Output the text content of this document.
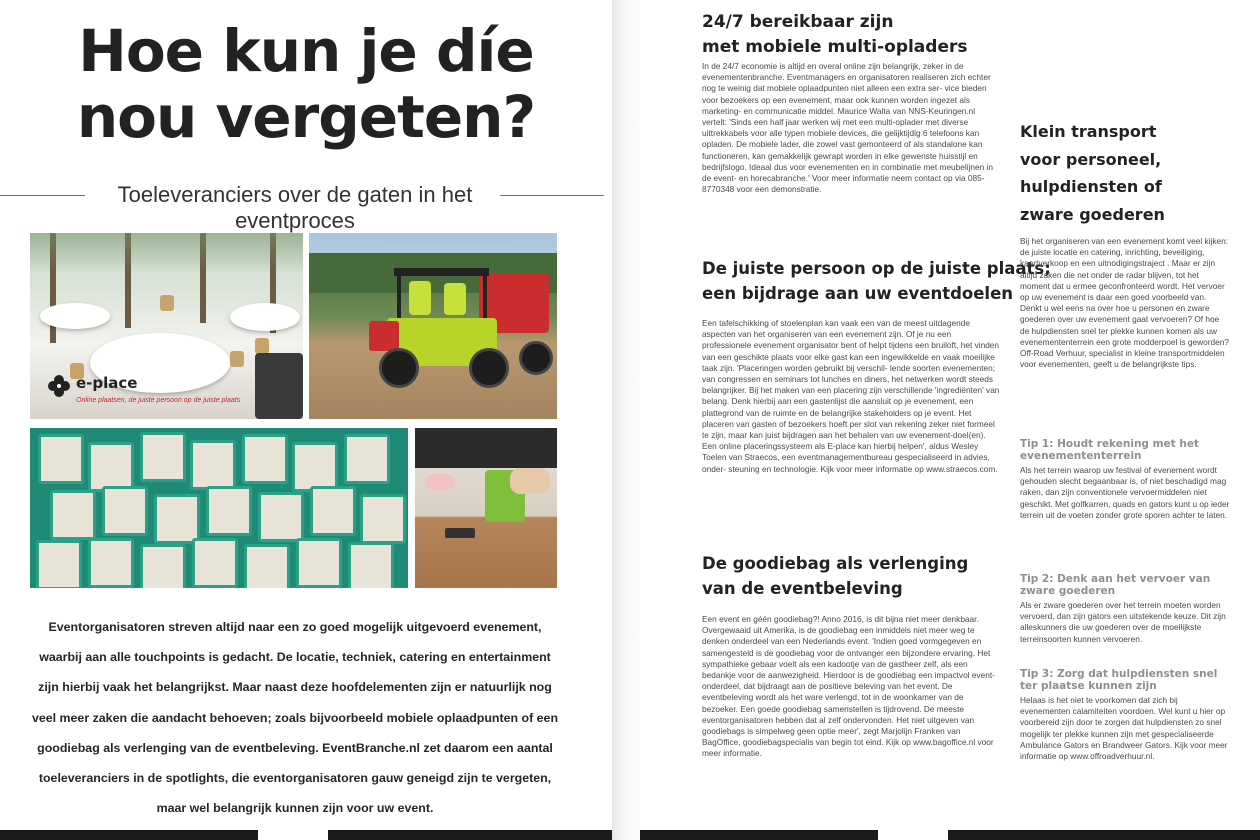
Hoe kun je díe
nou vergeten?
Toeleveranciers over de gaten in het eventproces
e-place
Online plaatsen, de juiste persoon op de juiste plaats

Eventorganisatoren streven altijd naar een zo goed mogelijk uitgevoerd evenement, waarbij aan alle touchpoints is gedacht. De locatie, techniek, catering en entertainment zijn hierbij vaak het belangrijkst. Maar naast deze hoofdelementen zijn er natuurlijk nog veel meer zaken die aandacht behoeven; zoals bijvoorbeeld mobiele oplaadpunten of een goodiebag als verlenging van de eventbeleving. EventBranche.nl zet daarom een aantal toeleveranciers in de spotlights, die eventorganisatoren gauw geneigd zijn te vergeten, maar wel belangrijk kunnen zijn voor uw event.

24/7 bereikbaar zijn
met mobiele multi-opladers

In de 24/7 economie is altijd en overal online zijn belangrijk, zeker in de evenementenbranche. Eventmanagers en organisatoren realiseren zich echter nog te weinig dat mobiele oplaadpunten niet alleen een extra ser- vice bieden voor bezoekers op een evenement, maar ook kunnen worden ingezet als marketing- en communicatie middel. Maurice Walta van NNS-Keuringen.nl vertelt: 'Sinds een half jaar werken wij met een multi-oplader met diverse uittrekkabels voor alle typen mobiele devices, die gelijktijdig 6 telefoons kan opladen. De mobiele lader, die zowel vast gemonteerd of als standalone kan functioneren, kan gemakkelijk gewrapt worden in elke gewenste huisstijl en bedrijfslogo. Ideaal dus voor evenementen en in combinatie met meubelijnen in de event- en horecabranche.' Voor meer informatie neem contact op via 085-8770348 voor een demonstratie.

De juiste persoon op de juiste plaats;
een bijdrage aan uw eventdoelen

Een tafelschikking of stoelenplan kan vaak een van de meest uitdagende aspecten van het organiseren van een evenement zijn. Of je nu een professionele evenement organisator bent of helpt tijdens een bruiloft, het vinden van een geschikte plaats voor elke gast kan een ingewikkelde en vaak moeilijke taak zijn. 'Placeringen worden gebruikt bij verschil- lende soorten evenementen; van congressen en seminars tot lunches en diners, het netwerken wordt steeds belangrijker. Bij het maken van een placering zijn verschillende 'ingrediënten' van belang. Denk hierbij aan een gastenlijst die aansluit op je evenement, een plattegrond van de ruimte en de belangrijke stakeholders op je event. Het placeren van gasten of bezoekers hoeft per slot van rekening zeker niet formeel te zijn, maar kan juist bijdragen aan het behalen van uw evenement-doel(en). Een online placeringssysteem als E-place kan hierbij helpen', aldus Wesley Toelen van Straecos, een eventmanagementbureau gespecialiseerd in advies, onder- steuning en technologie. Kijk voor meer informatie op www.straecos.com.

De goodiebag als verlenging
van de eventbeleving

Een event en géén goodiebag?! Anno 2016, is dit bijna niet meer denkbaar. Overgewaaid uit Amerika, is de goodiebag een inmiddels niet meer weg te denken onderdeel van een Nederlands event. 'Indien goed vormgegeven en samengesteld is de goodiebag voor de ontvanger een bijzondere ervaring. Het sympathieke gebaar voelt als een kadootje van de gastheer zelf, als een bedankje voor de aanwezigheid. Hierdoor is de goodiebag een impactvol event-onderdeel, dat bijdraagt aan de positieve beleving van het event. De eventbeleving wordt als het ware verlengd, tot in de woonkamer van de bezoeker. Een goede goodiebag samenstellen is tijdrovend. De meeste eventorganisatoren hebben dat al zelf ondervonden. Het niet uitgeven van goodiebags is simpelweg geen optie meer', zegt Marjolijn Franken van BagOffice, goodiebagspecialis van begin tot eind. Kijk op www.bagoffice.nl voor meer informatie.

Klein transport
voor personeel,
hulpdiensten of
zware goederen

Bij het organiseren van een evenement komt veel kijken: de juiste locatie en catering, inrichting, beveiliging, kaartverkoop en een uitnodigingstraject . Maar er zijn altijd zaken die net onder de radar blijven, tot het moment dat u ermee geconfronteerd wordt. Het vervoer op uw evenement is daar een goed voorbeeld van. Denkt u wel eens na over hoe u personen en zware goederen over uw evenement gaat vervoeren? Of hoe de hulpdiensten snel ter plekke kunnen komen als uw evenemententerrein een grote modderpoel is geworden? Off-Road Verhuur, specialist in kleine transportmiddelen voor evenementen, geeft u de belangrijkste tips.

Tip 1: Houdt rekening met het evenemententerrein

Als het terrein waarop uw festival of evenement wordt gehouden slecht begaanbaar is, of niet beschadigd mag raken, dan zijn conventionele vervoermiddelen niet geschikt. Met golfkarren, quads en gators kunt u op ieder terrein uit de voeten zonder grote sporen achter te laten.

Tip 2: Denk aan het vervoer van zware goederen

Als er zware goederen over het terrein moeten worden vervoerd, dan zijn gators een uitstekende keuze. Dit zijn alleskunners die uw goederen over de moeilijkste terreinsoorten kunnen vervoeren.

Tip 3: Zorg dat hulpdiensten snel ter plaatse kunnen zijn

Helaas is het niet te voorkomen dat zich bij evenementen calamiteiten voordoen. Wel kunt u hier op voorbereid zijn door te zorgen dat hulpdiensten zo snel mogelijk ter plekke kunnen zijn met gespecialiseerde Ambulance Gators en Brandweer Gators. Kijk voor meer informatie op www.offroadverhuur.nl.
